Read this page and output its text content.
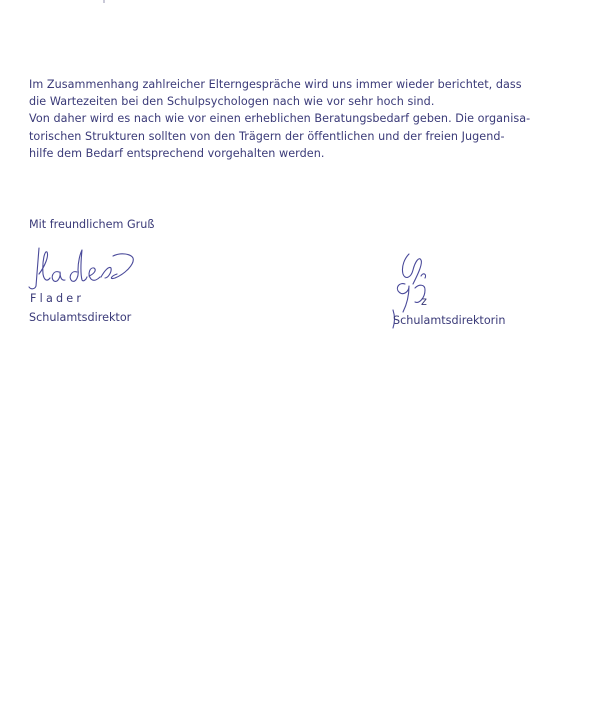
Im Zusammenhang zahlreicher Elterngespräche wird uns immer wieder berichtet, dass
die Wartezeiten bei den Schulpsychologen nach wie vor sehr hoch sind.
Von daher wird es nach wie vor einen erheblichen Beratungsbedarf geben. Die organisa-
torischen Strukturen sollten von den Trägern der öffentlichen und der freien Jugend-
hilfe dem Bedarf entsprechend vorgehalten werden.
Mit freundlichem Gruß
Flader
Schulamtsdirektor
z
Schulamtsdirektorin
